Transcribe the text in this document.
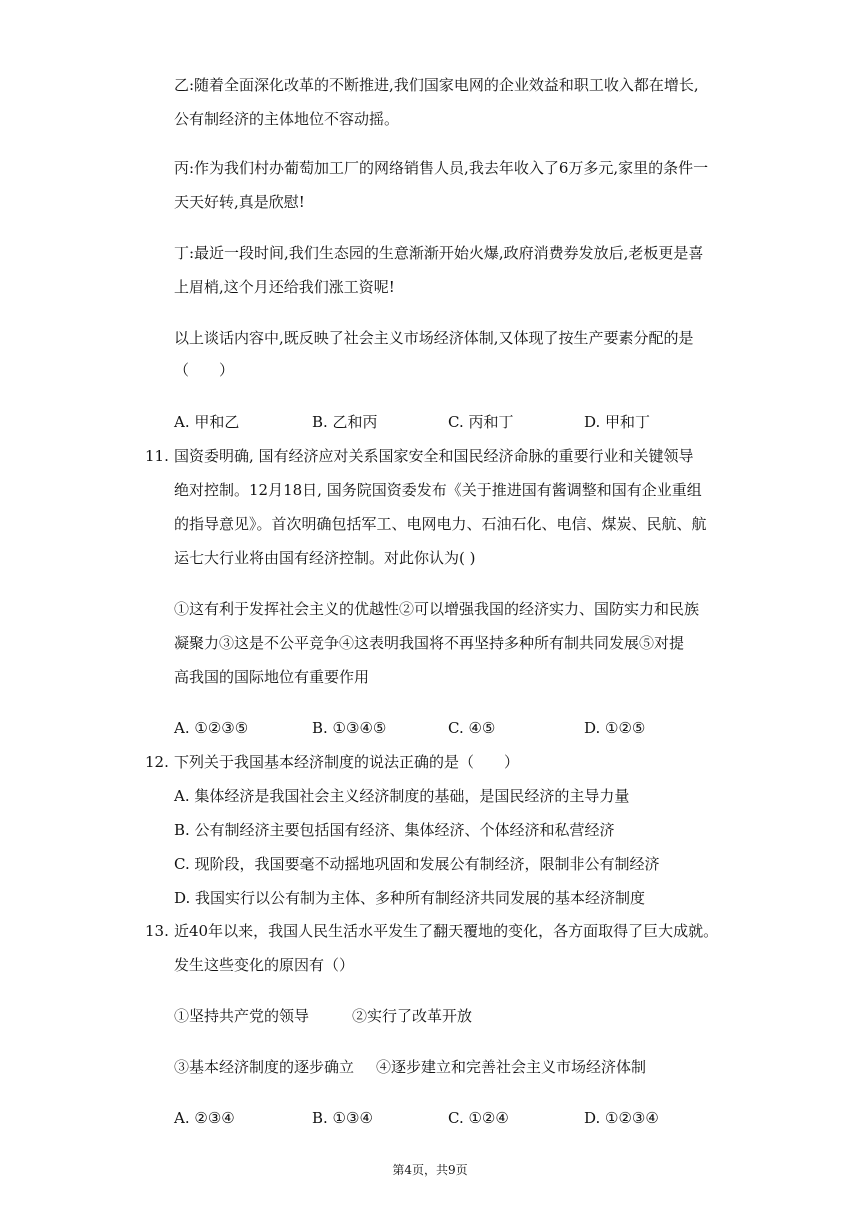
乙:随着全面深化改革的不断推进,我们国家电网的企业效益和职工收入都在增长,
公有制经济的主体地位不容动摇。
丙:作为我们村办葡萄加工厂的网络销售人员,我去年收入了6万多元,家里的条件一
天天好转,真是欣慰!
丁:最近一段时间,我们生态园的生意渐渐开始火爆,政府消费券发放后,老板更是喜
上眉梢,这个月还给我们涨工资呢!
以上谈话内容中,既反映了社会主义市场经济体制,又体现了按生产要素分配的是
（　　）
A. 甲和乙	B. 乙和丙	C. 丙和丁	D. 甲和丁
11. 国资委明确, 国有经济应对关系国家安全和国民经济命脉的重要行业和关键领导
绝对控制。12月18日, 国务院国资委发布《关于推进国有酱调整和国有企业重组
的指导意见》。首次明确包括军工、电网电力、石油石化、电信、煤炭、民航、航
运七大行业将由国有经济控制。对此你认为( )
①这有利于发挥社会主义的优越性②可以增强我国的经济实力、国防实力和民族
凝聚力③这是不公平竞争④这表明我国将不再坚持多种所有制共同发展⑤对提
高我国的国际地位有重要作用
A. ①②③⑤	B. ①③④⑤	C. ④⑤	D. ①②⑤
12. 下列关于我国基本经济制度的说法正确的是（　　）
A. 集体经济是我国社会主义经济制度的基础，是国民经济的主导力量
B. 公有制经济主要包括国有经济、集体经济、个体经济和私营经济
C. 现阶段，我国要毫不动摇地巩固和发展公有制经济，限制非公有制经济
D. 我国实行以公有制为主体、多种所有制经济共同发展的基本经济制度
13. 近40年以来，我国人民生活水平发生了翻天覆地的变化，各方面取得了巨大成就。
发生这些变化的原因有（）
①坚持共产党的领导	②实行了改革开放
③基本经济制度的逐步确立 ④逐步建立和完善社会主义市场经济体制
A. ②③④	B. ①③④	C. ①②④	D. ①②③④
第4页，共9页
